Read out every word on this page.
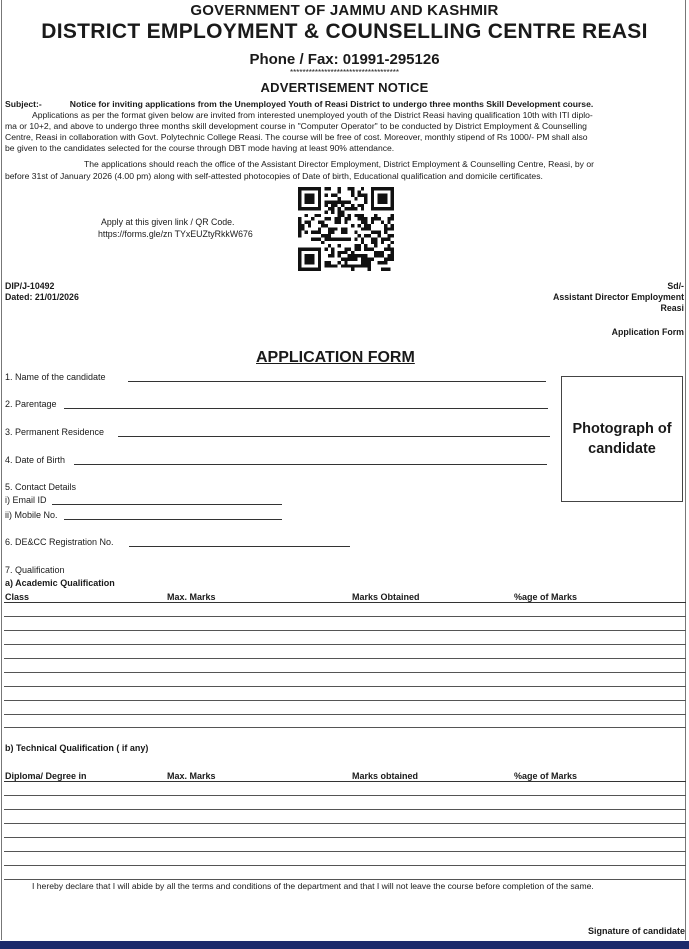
GOVERNMENT OF JAMMU AND KASHMIR
DISTRICT EMPLOYMENT & COUNSELLING CENTRE REASI
Phone / Fax: 01991-295126
***********************************
ADVERTISEMENT NOTICE
Subject:-	Notice for inviting applications from the Unemployed Youth of Reasi District to undergo three months Skill Development course.
Applications as per the format given below are invited from interested unemployed youth of the District Reasi having qualification 10th with ITI diplo-
ma or 10+2, and above to undergo three months skill development course in "Computer Operator" to be conducted by District Employment & Counselling
Centre, Reasi in collaboration with Govt. Polytechnic College Reasi. The course will be free of cost. Moreover, monthly stipend of Rs 1000/- PM shall also
be given to the candidates selected for the course through DBT mode having at least 90% attendance.
The applications should reach the office of the Assistant Director Employment, District Employment & Counselling Centre, Reasi, by or
before 31st of January 2026 (4.00 pm) along with self-attested photocopies of Date of birth, Educational qualification and domicile certificates.
Apply at this given link / QR Code.
https://forms.gle/zn TYxEUZtyRkkW676
DIP/J-10492
Dated: 21/01/2026
Sd/-
Assistant Director Employment
Reasi
Application Form
APPLICATION FORM
Photograph of candidate
1. Name of the candidate
2. Parentage
3. Permanent Residence
4. Date of Birth
5. Contact Details
i) Email ID
ii) Mobile No.
6. DE&CC Registration No.
7. Qualification
a) Academic Qualification
Class	Max. Marks	Marks Obtained	%age of Marks
b) Technical Qualification ( if any)
Diploma/ Degree in	Max. Marks	Marks obtained	%age of Marks
I hereby declare that I will abide by all the terms and conditions of the department and that I will not leave the course before completion of the same.
Signature of candidate
